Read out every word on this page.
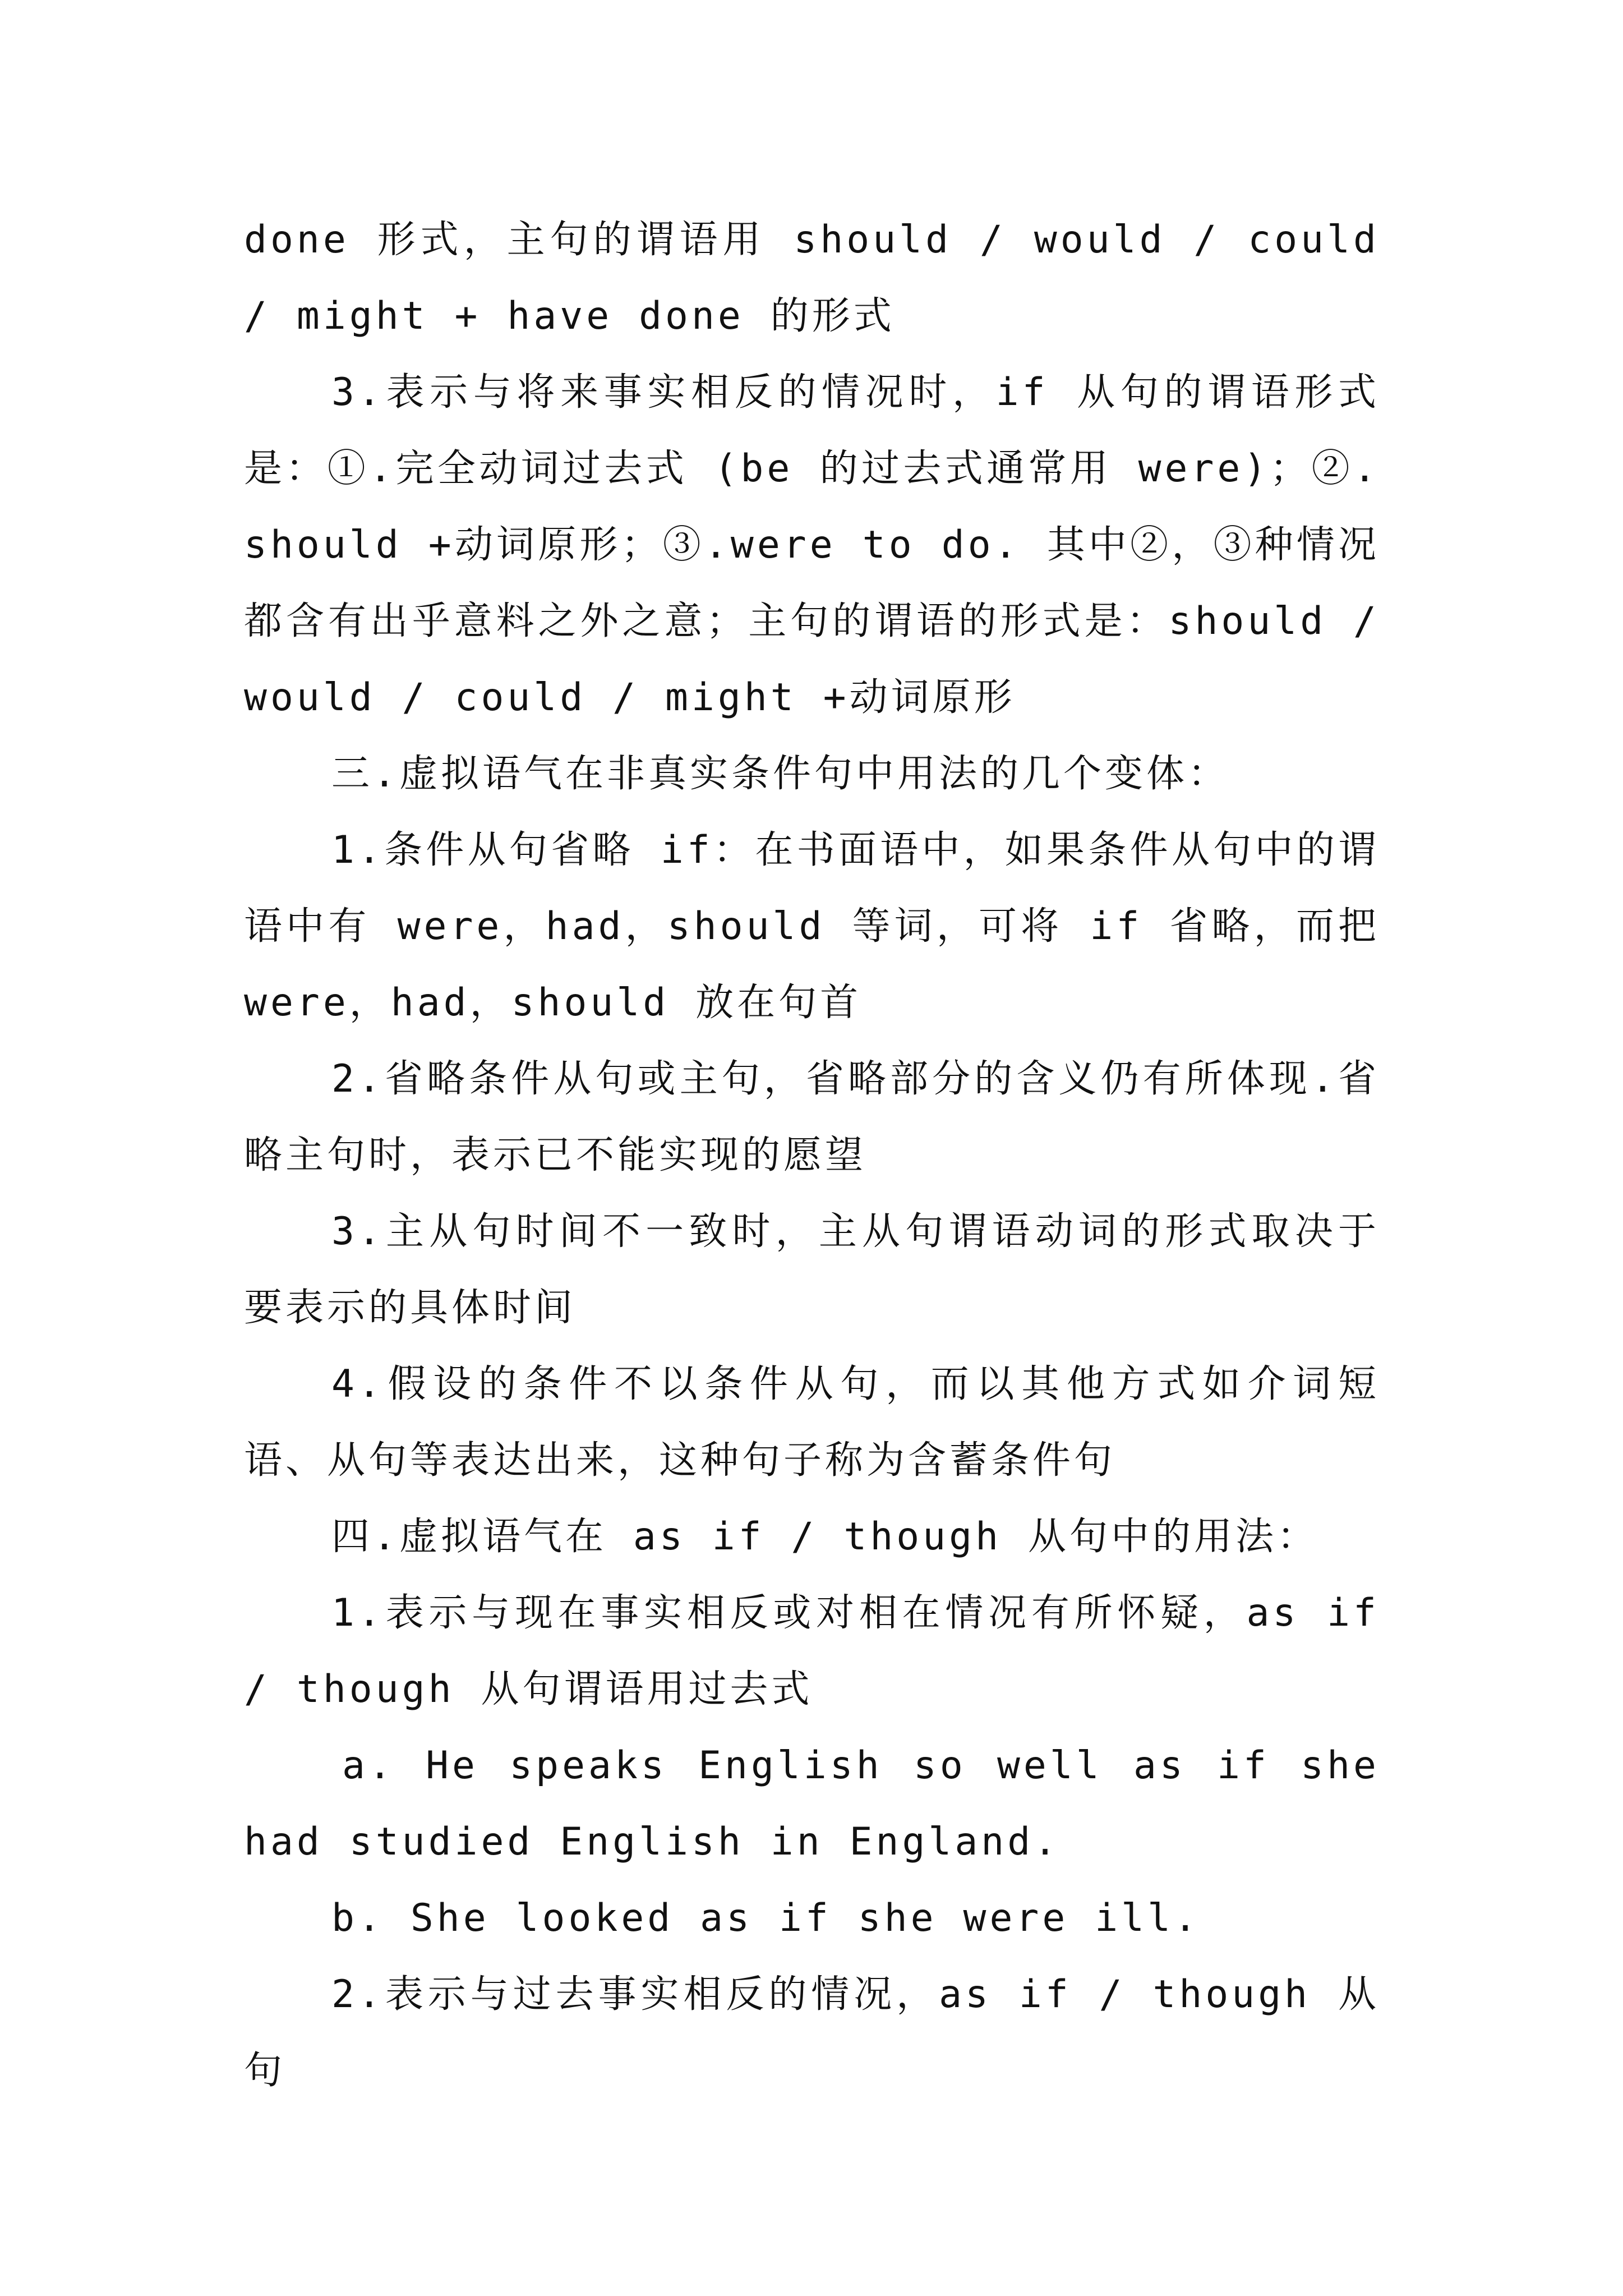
done 形式，主句的谓语用 should / would / could / might + have done 的形式

3.表示与将来事实相反的情况时，if 从句的谓语形式是：①.完全动词过去式 (be 的过去式通常用 were)；②.should +动词原形；③.were to do. 其中②，③种情况都含有出乎意料之外之意；主句的谓语的形式是：should / would / could / might +动词原形

三.虚拟语气在非真实条件句中用法的几个变体：

1.条件从句省略 if：在书面语中，如果条件从句中的谓语中有 were，had，should 等词，可将 if 省略，而把 were，had，should 放在句首

2.省略条件从句或主句，省略部分的含义仍有所体现.省略主句时，表示已不能实现的愿望

3.主从句时间不一致时，主从句谓语动词的形式取决于要表示的具体时间

4.假设的条件不以条件从句，而以其他方式如介词短语、从句等表达出来，这种句子称为含蓄条件句

四.虚拟语气在 as if / though 从句中的用法：

1.表示与现在事实相反或对相在情况有所怀疑，as if / though 从句谓语用过去式

a. He speaks English so well as if she had studied English in England.

b. She looked as if she were ill.

2.表示与过去事实相反的情况，as if / though 从句
